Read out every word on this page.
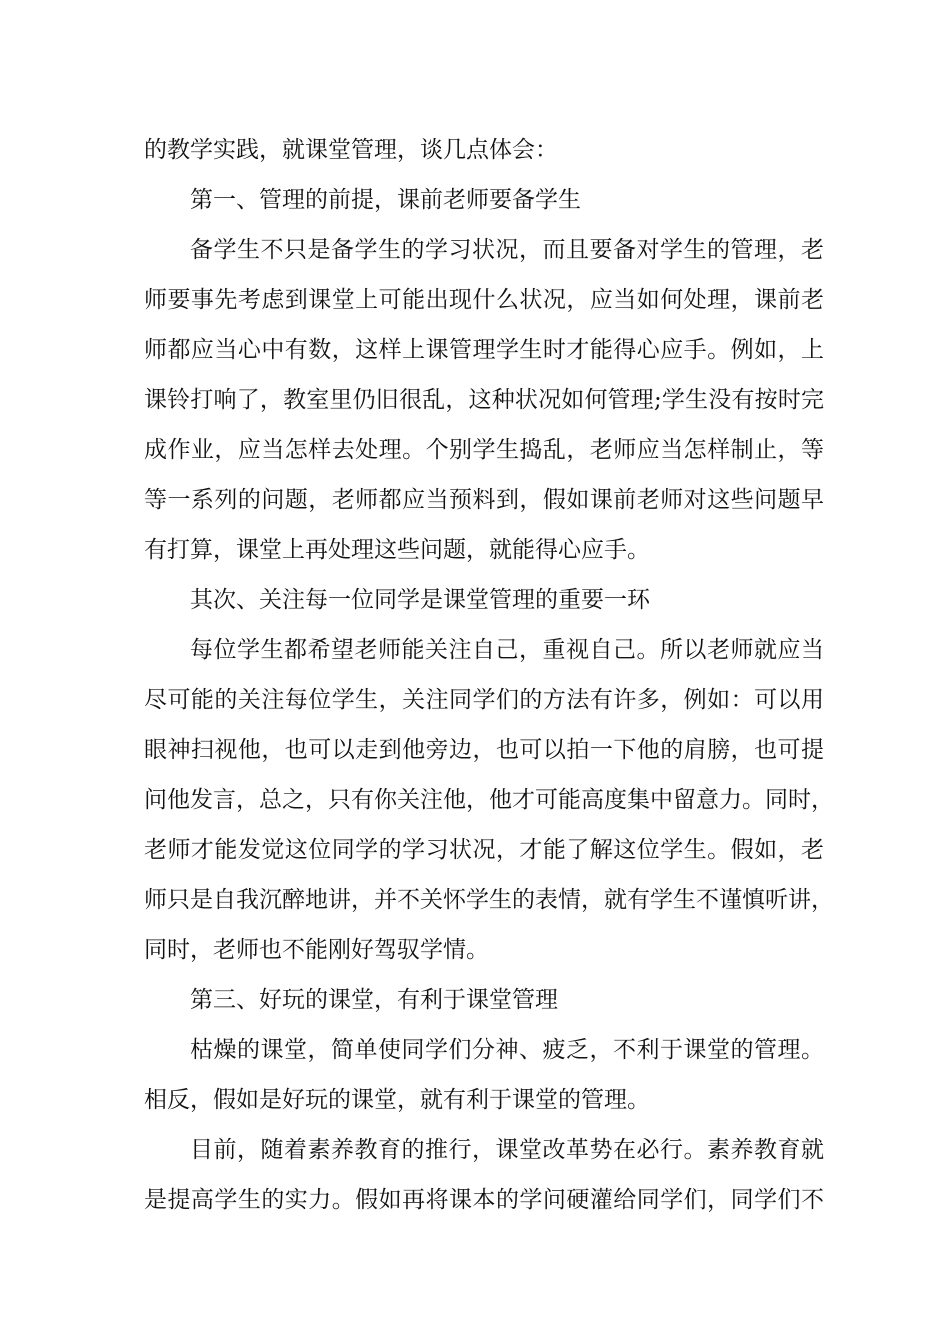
的教学实践，就课堂管理，谈几点体会：
第一、管理的前提，课前老师要备学生
备学生不只是备学生的学习状况，而且要备对学生的管理，老
师要事先考虑到课堂上可能出现什么状况，应当如何处理，课前老
师都应当心中有数，这样上课管理学生时才能得心应手。例如，上
课铃打响了，教室里仍旧很乱，这种状况如何管理;学生没有按时完
成作业，应当怎样去处理。个别学生捣乱，老师应当怎样制止，等
等一系列的问题，老师都应当预料到，假如课前老师对这些问题早
有打算，课堂上再处理这些问题，就能得心应手。
其次、关注每一位同学是课堂管理的重要一环
每位学生都希望老师能关注自己，重视自己。所以老师就应当
尽可能的关注每位学生，关注同学们的方法有许多，例如：可以用
眼神扫视他，也可以走到他旁边，也可以拍一下他的肩膀，也可提
问他发言，总之，只有你关注他，他才可能高度集中留意力。同时，
老师才能发觉这位同学的学习状况，才能了解这位学生。假如，老
师只是自我沉醉地讲，并不关怀学生的表情，就有学生不谨慎听讲，
同时，老师也不能刚好驾驭学情。
第三、好玩的课堂，有利于课堂管理
枯燥的课堂，简单使同学们分神、疲乏，不利于课堂的管理。
相反，假如是好玩的课堂，就有利于课堂的管理。
目前，随着素养教育的推行，课堂改革势在必行。素养教育就
是提高学生的实力。假如再将课本的学问硬灌给同学们，同学们不
